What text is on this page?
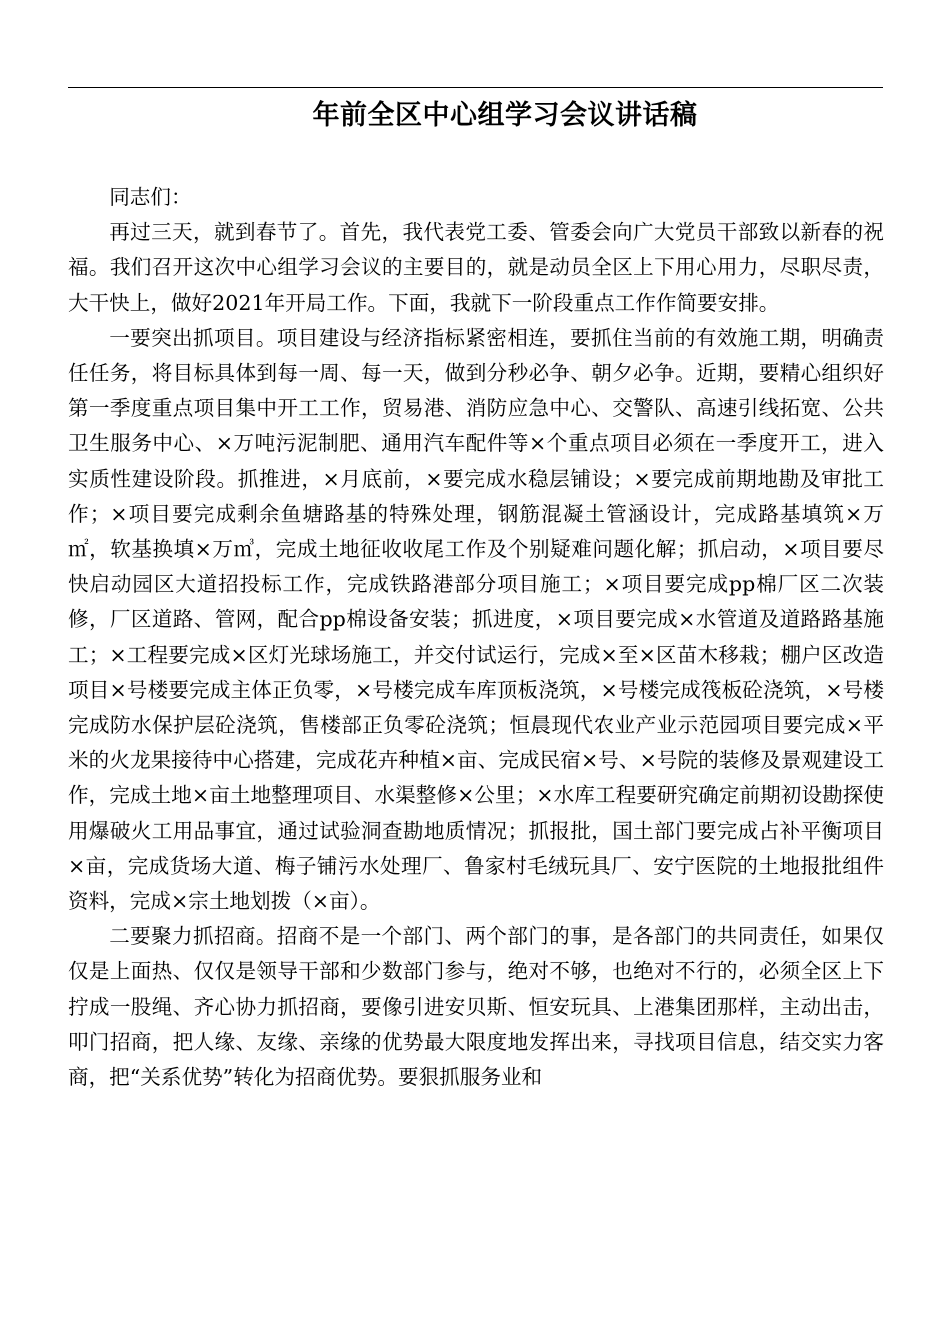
年前全区中心组学习会议讲话稿

同志们：

再过三天，就到春节了。首先，我代表党工委、管委会向广大党员干部致以新春的祝福。我们召开这次中心组学习会议的主要目的，就是动员全区上下用心用力，尽职尽责，大干快上，做好2021年开局工作。下面，我就下一阶段重点工作作简要安排。

一要突出抓项目。项目建设与经济指标紧密相连，要抓住当前的有效施工期，明确责任任务，将目标具体到每一周、每一天，做到分秒必争、朝夕必争。近期，要精心组织好第一季度重点项目集中开工工作，贸易港、消防应急中心、交警队、高速引线拓宽、公共卫生服务中心、×万吨污泥制肥、通用汽车配件等×个重点项目必须在一季度开工，进入实质性建设阶段。抓推进，×月底前，×要完成水稳层铺设；×要完成前期地勘及审批工作；×项目要完成剩余鱼塘路基的特殊处理，钢筋混凝土管涵设计，完成路基填筑×万㎡，软基换填×万㎥，完成土地征收收尾工作及个别疑难问题化解；抓启动，×项目要尽快启动园区大道招投标工作，完成铁路港部分项目施工；×项目要完成pp棉厂区二次装修，厂区道路、管网，配合pp棉设备安装；抓进度，×项目要完成×水管道及道路路基施工；×工程要完成×区灯光球场施工，并交付试运行，完成×至×区苗木移栽；棚户区改造项目×号楼要完成主体正负零，×号楼完成车库顶板浇筑，×号楼完成筏板砼浇筑，×号楼完成防水保护层砼浇筑，售楼部正负零砼浇筑；恒晨现代农业产业示范园项目要完成×平米的火龙果接待中心搭建，完成花卉种植×亩、完成民宿×号、×号院的装修及景观建设工作，完成土地×亩土地整理项目、水渠整修×公里；×水库工程要研究确定前期初设勘探使用爆破火工用品事宜，通过试验洞查勘地质情况；抓报批，国土部门要完成占补平衡项目×亩，完成货场大道、梅子铺污水处理厂、鲁家村毛绒玩具厂、安宁医院的土地报批组件资料，完成×宗土地划拨（×亩）。

二要聚力抓招商。招商不是一个部门、两个部门的事，是各部门的共同责任，如果仅仅是上面热、仅仅是领导干部和少数部门参与，绝对不够，也绝对不行的，必须全区上下拧成一股绳、齐心协力抓招商，要像引进安贝斯、恒安玩具、上港集团那样，主动出击，叩门招商，把人缘、友缘、亲缘的优势最大限度地发挥出来，寻找项目信息，结交实力客商，把“关系优势”转化为招商优势。要狠抓服务业和
